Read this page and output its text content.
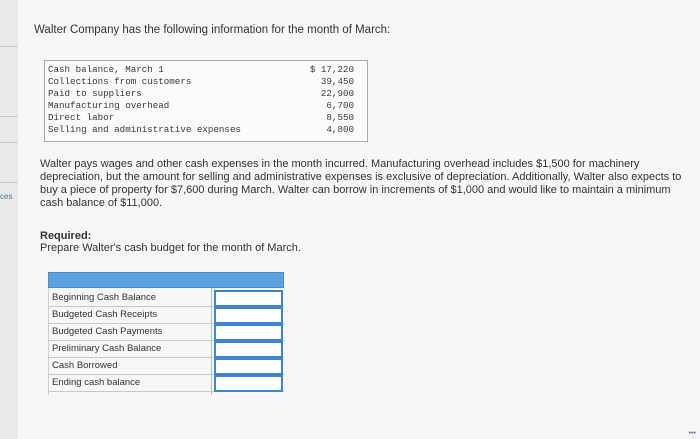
ces
Walter Company has the following information for the month of March:
Cash balance, March 1	$ 17,220
Collections from customers	39,450
Paid to suppliers	22,900
Manufacturing overhead	6,700
Direct labor	8,550
Selling and administrative expenses	4,800
Walter pays wages and other cash expenses in the month incurred. Manufacturing overhead includes $1,500 for machinery depreciation, but the amount for selling and administrative expenses is exclusive of depreciation. Additionally, Walter also expects to buy a piece of property for $7,600 during March. Walter can borrow in increments of $1,000 and would like to maintain a minimum cash balance of $11,000.
Required:
Prepare Walter's cash budget for the month of March.
Beginning Cash Balance
Budgeted Cash Receipts
Budgeted Cash Payments
Preliminary Cash Balance
Cash Borrowed
Ending cash balance
•••
